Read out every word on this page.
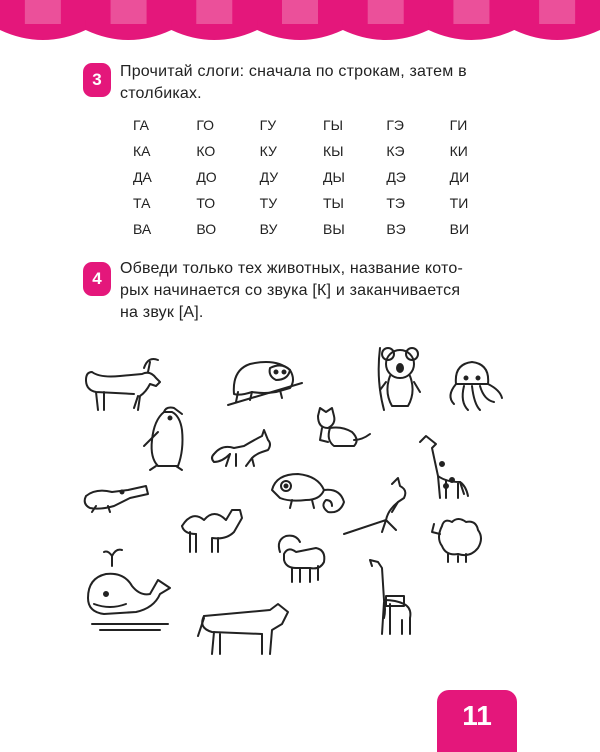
3	Прочитай слоги: сначала по строкам, затем в
столбиках.
ГА	ГО	ГУ	ГЫ	ГЭ	ГИ
КА	КО	КУ	КЫ	КЭ	КИ
ДА	ДО	ДУ	ДЫ	ДЭ	ДИ
ТА	ТО	ТУ	ТЫ	ТЭ	ТИ
ВА	ВО	ВУ	ВЫ	ВЭ	ВИ
4
Обведи только тех животных, название кото-
рых начинается со звука [К] и заканчивается
на звук [А].
11
